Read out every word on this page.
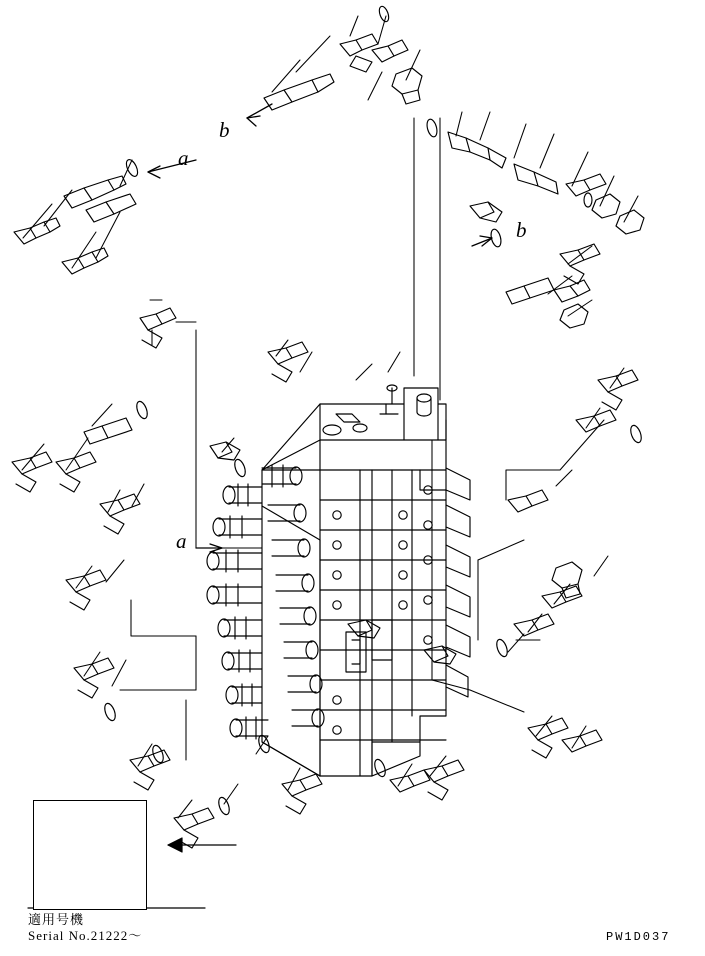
a
b
b
a
適用号機
Serial No.21222～	PW1D037
